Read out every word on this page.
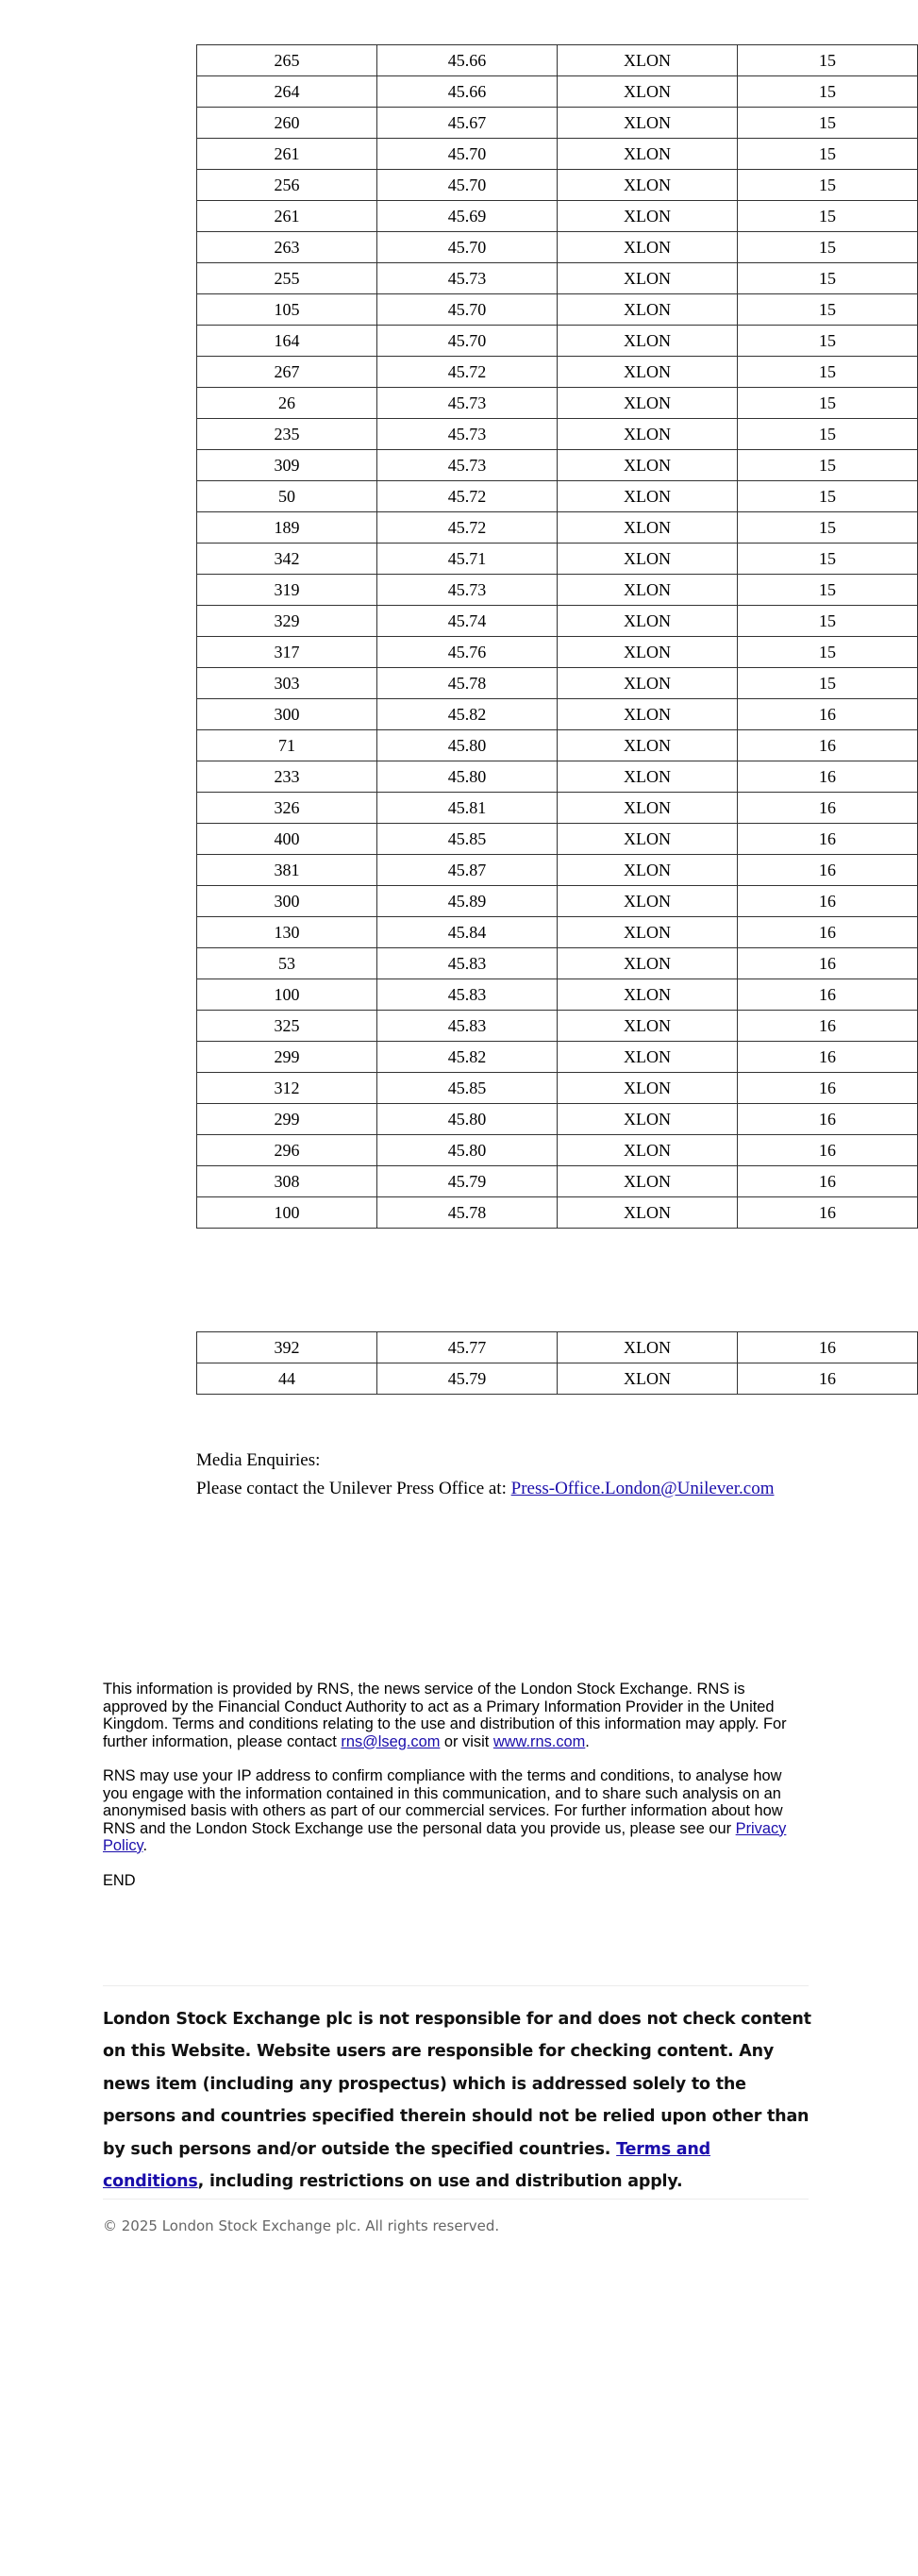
265	45.66	XLON	15
264	45.66	XLON	15
260	45.67	XLON	15
261	45.70	XLON	15
256	45.70	XLON	15
261	45.69	XLON	15
263	45.70	XLON	15
255	45.73	XLON	15
105	45.70	XLON	15
164	45.70	XLON	15
267	45.72	XLON	15
26	45.73	XLON	15
235	45.73	XLON	15
309	45.73	XLON	15
50	45.72	XLON	15
189	45.72	XLON	15
342	45.71	XLON	15
319	45.73	XLON	15
329	45.74	XLON	15
317	45.76	XLON	15
303	45.78	XLON	15
300	45.82	XLON	16
71	45.80	XLON	16
233	45.80	XLON	16
326	45.81	XLON	16
400	45.85	XLON	16
381	45.87	XLON	16
300	45.89	XLON	16
130	45.84	XLON	16
53	45.83	XLON	16
100	45.83	XLON	16
325	45.83	XLON	16
299	45.82	XLON	16
312	45.85	XLON	16
299	45.80	XLON	16
296	45.80	XLON	16
308	45.79	XLON	16
100	45.78	XLON	16
392	45.77	XLON	16
44	45.79	XLON	16
Media Enquiries:
Please contact the Unilever Press Office at: Press-Office.London@Unilever.com

This information is provided by RNS, the news service of the London Stock Exchange. RNS is approved by the Financial Conduct Authority to act as a Primary Information Provider in the United Kingdom. Terms and conditions relating to the use and distribution of this information may apply. For further information, please contact rns@lseg.com or visit www.rns.com.

RNS may use your IP address to confirm compliance with the terms and conditions, to analyse how you engage with the information contained in this communication, and to share such analysis on an anonymised basis with others as part of our commercial services. For further information about how RNS and the London Stock Exchange use the personal data you provide us, please see our Privacy Policy.

END

London Stock Exchange plc is not responsible for and does not check content on this Website. Website users are responsible for checking content. Any news item (including any prospectus) which is addressed solely to the persons and countries specified therein should not be relied upon other than by such persons and/or outside the specified countries. Terms and conditions, including restrictions on use and distribution apply.
© 2025 London Stock Exchange plc. All rights reserved.
